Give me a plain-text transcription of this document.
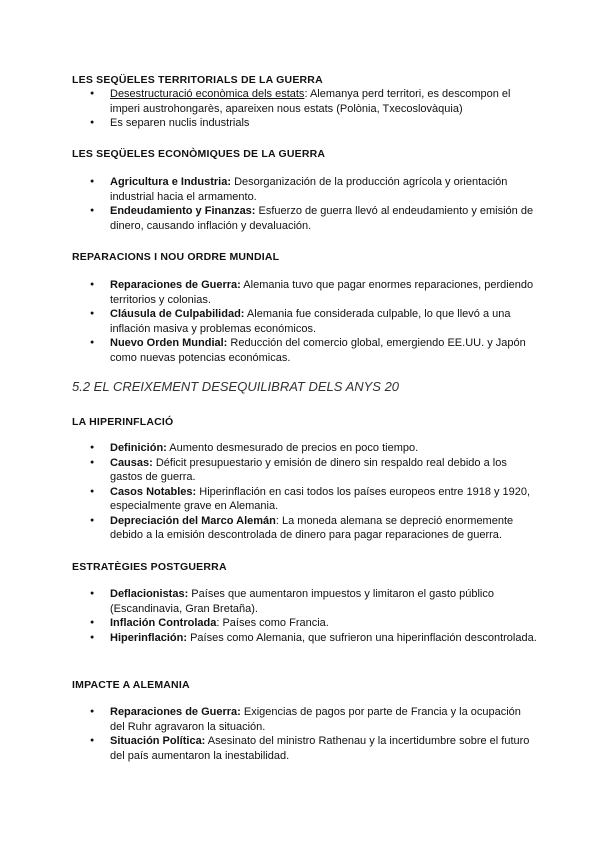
LES SEQÜELES TERRITORIALS DE LA GUERRA
● Desestructuració econòmica dels estats: Alemanya perd territori, es descompon el imperi austrohongarès, apareixen nous estats (Polònia, Txecoslovàquia)
● Es separen nuclis industrials
LES SEQÜELES ECONÒMIQUES DE LA GUERRA
● Agricultura e Industria: Desorganización de la producción agrícola y orientación industrial hacia el armamento.
● Endeudamiento y Finanzas: Esfuerzo de guerra llevó al endeudamiento y emisión de dinero, causando inflación y devaluación.
REPARACIONS I NOU ORDRE MUNDIAL
● Reparaciones de Guerra: Alemania tuvo que pagar enormes reparaciones, perdiendo territorios y colonias.
● Cláusula de Culpabilidad: Alemania fue considerada culpable, lo que llevó a una inflación masiva y problemas económicos.
● Nuevo Orden Mundial: Reducción del comercio global, emergiendo EE.UU. y Japón como nuevas potencias económicas.
5.2 EL CREIXEMENT DESEQUILIBRAT DELS ANYS 20
LA HIPERINFLACIÓ
● Definición: Aumento desmesurado de precios en poco tiempo.
● Causas: Déficit presupuestario y emisión de dinero sin respaldo real debido a los gastos de guerra.
● Casos Notables: Hiperinflación en casi todos los países europeos entre 1918 y 1920, especialmente grave en Alemania.
● Depreciación del Marco Alemán: La moneda alemana se depreció enormemente debido a la emisión descontrolada de dinero para pagar reparaciones de guerra.
ESTRATÈGIES POSTGUERRA
● Deflacionistas: Países que aumentaron impuestos y limitaron el gasto público (Escandinavia, Gran Bretaña).
● Inflación Controlada: Países como Francia.
● Hiperinflación: Países como Alemania, que sufrieron una hiperinflación descontrolada.
IMPACTE A ALEMANIA
● Reparaciones de Guerra: Exigencias de pagos por parte de Francia y la ocupación del Ruhr agravaron la situación.
● Situación Política: Asesinato del ministro Rathenau y la incertidumbre sobre el futuro del país aumentaron la inestabilidad.
